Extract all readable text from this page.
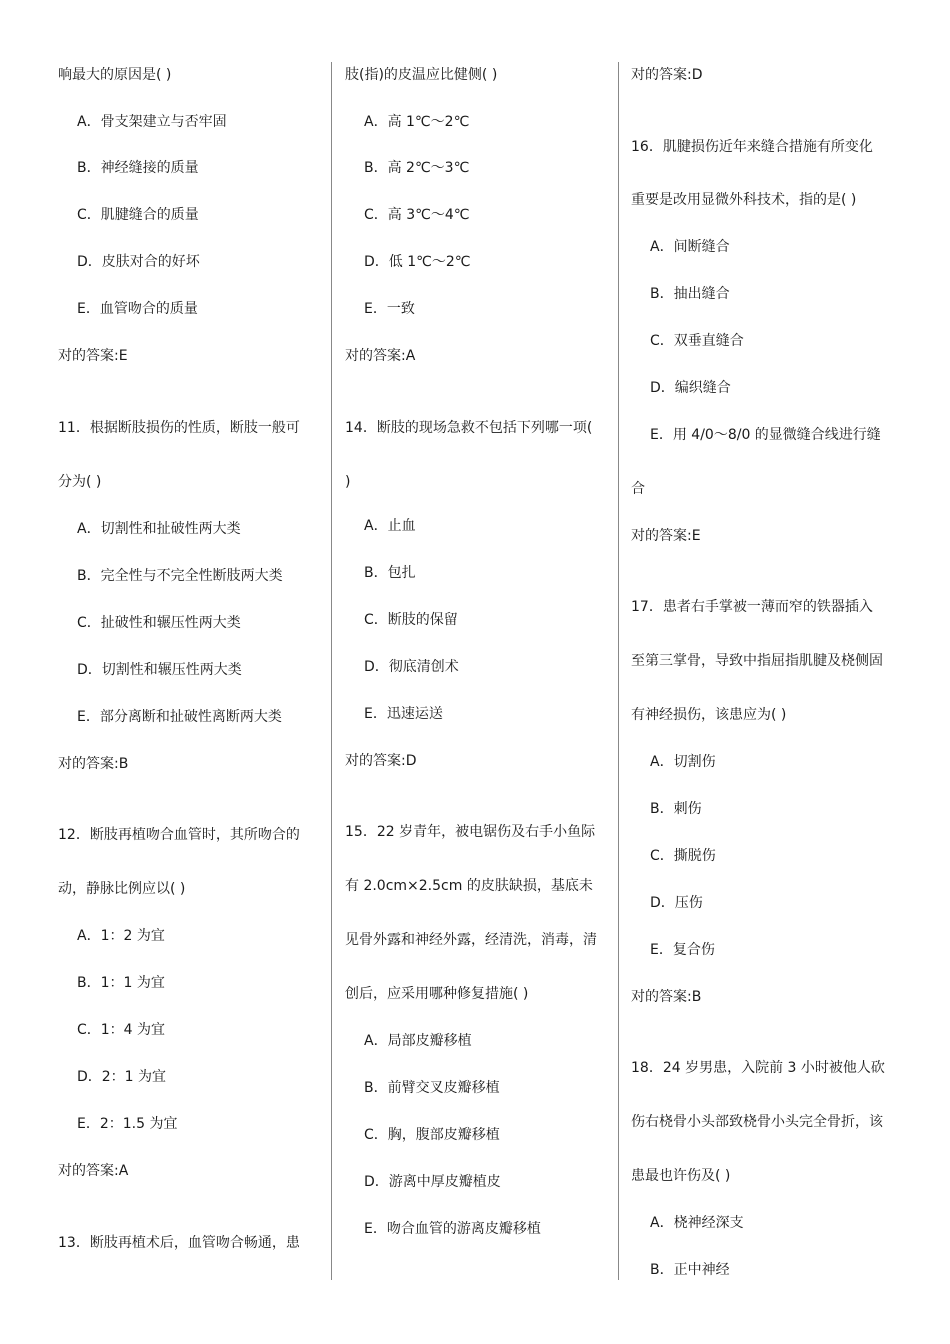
响最大的原因是( )
A．骨支架建立与否牢固
B．神经缝接的质量
C．肌腱缝合的质量
D．皮肤对合的好坏
E．血管吻合的质量
对的答案:E
11．根据断肢损伤的性质，断肢一般可
分为( )
A．切割性和扯破性两大类
B．完全性与不完全性断肢两大类
C．扯破性和辗压性两大类
D．切割性和辗压性两大类
E．部分离断和扯破性离断两大类
对的答案:B
12．断肢再植吻合血管时，其所吻合的
动，静脉比例应以( )
A．1：2 为宜
B．1：1 为宜
C．1：4 为宜
D．2：1 为宜
E．2：1.5 为宜
对的答案:A
13．断肢再植术后，血管吻合畅通，患
肢(指)的皮温应比健侧( )
A．高 1℃～2℃
B．高 2℃～3℃
C．高 3℃～4℃
D．低 1℃～2℃
E．一致
对的答案:A
14．断肢的现场急救不包括下列哪一项(
)
A．止血
B．包扎
C．断肢的保留
D．彻底清创术
E．迅速运送
对的答案:D
15．22 岁青年，被电锯伤及右手小鱼际
有 2.0cm×2.5cm 的皮肤缺损，基底未
见骨外露和神经外露，经清洗，消毒，清
创后，应采用哪种修复措施( )
A．局部皮瓣移植
B．前臂交叉皮瓣移植
C．胸，腹部皮瓣移植
D．游离中厚皮瓣植皮
E．吻合血管的游离皮瓣移植
对的答案:D
16．肌腱损伤近年来缝合措施有所变化
重要是改用显微外科技术，指的是( )
A．间断缝合
B．抽出缝合
C．双垂直缝合
D．编织缝合
E．用 4/0～8/0 的显微缝合线进行缝
合
对的答案:E
17．患者右手掌被一薄而窄的铁器插入
至第三掌骨，导致中指屈指肌腱及桡侧固
有神经损伤，该患应为( )
A．切割伤
B．刺伤
C．撕脱伤
D．压伤
E．复合伤
对的答案:B
18．24 岁男患，入院前 3 小时被他人砍
伤右桡骨小头部致桡骨小头完全骨折，该
患最也许伤及( )
A．桡神经深支
B．正中神经
